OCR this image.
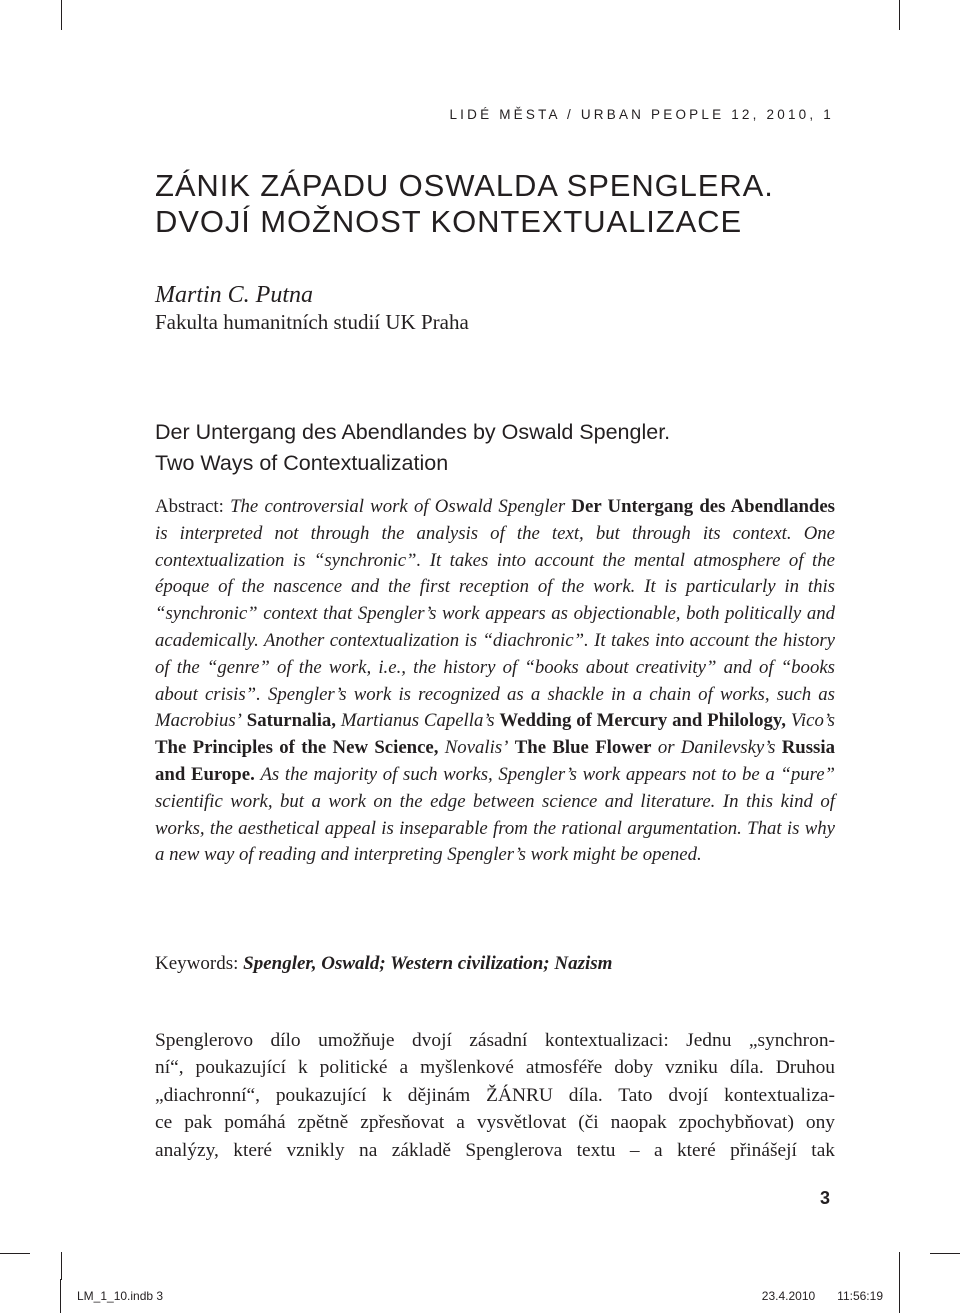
LIDÉ MĚSTA / URBAN PEOPLE 12, 2010, 1
ZÁNIK ZÁPADU OSWALDA SPENGLERA.
DVOJÍ MOŽNOST KONTEXTUALIZACE
Martin C. Putna
Fakulta humanitních studií UK Praha
Der Untergang des Abendlandes by Oswald Spengler.
Two Ways of Contextualization
Abstract: The controversial work of Oswald Spengler Der Untergang des Abendlandes is interpreted not through the analysis of the text, but through its context. One contextualization is “synchronic”. It takes into account the mental atmosphere of the époque of the nascence and the first reception of the work. It is particularly in this “synchronic” context that Spengler’s work appears as objectionable, both politically and academically. Another contextualization is “diachronic”. It takes into account the history of the “genre” of the work, i.e., the history of “books about creativity” and of “books about crisis”. Spengler’s work is recognized as a shackle in a chain of works, such as Macrobius’ Saturnalia, Martianus Capella’s Wedding of Mercury and Philology, Vico’s The Principles of the New Science, Novalis’ The Blue Flower or Danilevsky’s Russia and Europe. As the majority of such works, Spengler’s work appears not to be a “pure” scientific work, but a work on the edge between science and literature. In this kind of works, the aesthetical appeal is inseparable from the rational argumentation. That is why a new way of reading and interpreting Spengler’s work might be opened.
Keywords: Spengler, Oswald; Western civilization; Nazism
Spenglerovo dílo umožňuje dvojí zásadní kontextualizaci: Jednu „synchron-
ní“, poukazující k politické a myšlenkové atmosféře doby vzniku díla. Druhou
„diachronní“, poukazující k dějinám ŽÁNRU díla. Tato dvojí kontextualiza-
ce pak pomáhá zpětně zpřesňovat a vysvětlovat (či naopak zpochybňovat) ony
analýzy, které vznikly na základě Spenglerova textu – a které přinášejí tak
3
LM_1_10.indb 3	23.4.2010 11:56:19
